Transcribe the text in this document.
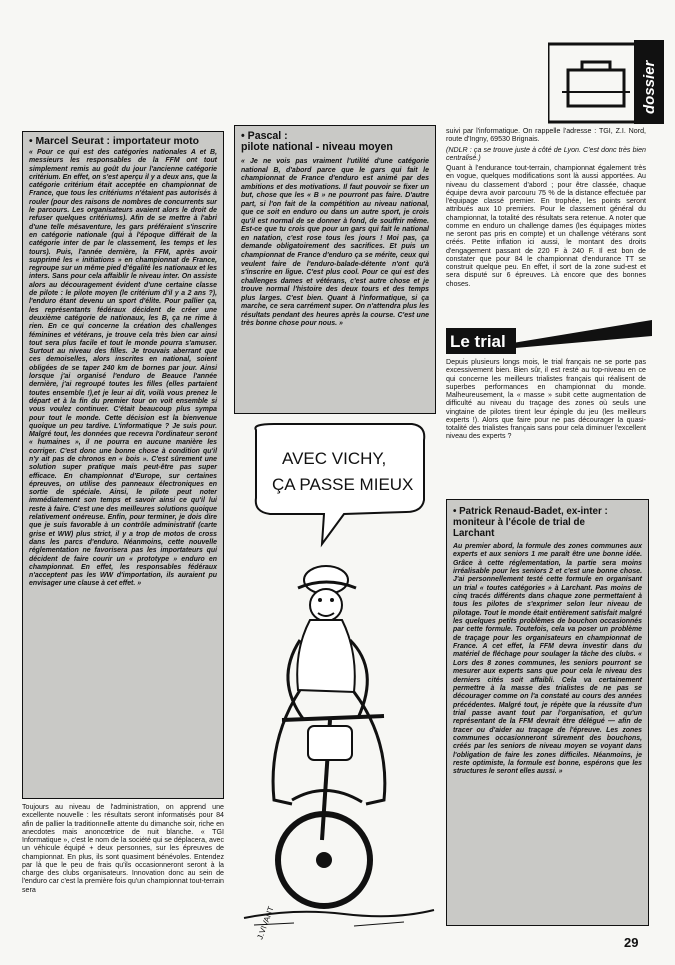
dossier
• Marcel Seurat : importateur moto
« Pour ce qui est des catégories nationales A et B, messieurs les responsables de la FFM ont tout simplement remis au goût du jour l'ancienne catégorie critérium. En effet, on s'est aperçu il y a deux ans, que la catégorie critérium était acceptée en championnat de France, que tous les critériums n'étaient pas autorisés à rouler (pour des raisons de nombres de concurrents sur le parcours. Les organisateurs avaient alors le droit de refuser quelques critériums). Afin de se mettre à l'abri d'une telle mésaventure, les gars préféraient s'inscrire en catégorie nationale (qui à l'époque différait de la catégorie inter de par le classement, les temps et les tours). Puis, l'année dernière, la FFM, après avoir supprimé les « initiations » en championnat de France, regroupe sur un même pied d'égalité les nationaux et les inters. Sans pour cela affaiblir le niveau inter. On assiste alors au découragement évident d'une certaine classe de pilote : le pilote moyen (le critérium d'il y a 2 ans ?), l'enduro étant devenu un sport d'élite. Pour pallier ça, les représentants fédéraux décident de créer une deuxième catégorie de nationaux, les B, ça ne rime à rien. En ce qui concerne la création des challenges féminines et vétérans, je trouve cela très bien car ainsi tout sera plus facile et tout le monde pourra s'amuser. Surtout au niveau des filles. Je trouvais aberrant que ces demoiselles, alors inscrites en national, soient obligées de se taper 240 km de bornes par jour. Ainsi lorsque j'ai organisé l'enduro de Beauce l'année dernière, j'ai regroupé toutes les filles (elles partaient toutes ensemble !),et je leur ai dit, voilà vous prenez le départ et à la fin du premier tour on voit ensemble si vous voulez continuer. C'était beaucoup plus sympa pour tout le monde. Cette décision est la bienvenue quoique un peu tardive. L'informatique ? Je suis pour. Malgré tout, les données que recevra l'ordinateur seront « humaines », il ne pourra en aucune manière les corriger. C'est donc une bonne chose à condition qu'il n'y ait pas de chronos en « bois ». C'est sûrement une solution super pratique mais peut-être pas super efficace. En championnat d'Europe, sur certaines épreuves, on utilise des panneaux électroniques en sortie de spéciale. Ainsi, le pilote peut noter immédiatement son temps et savoir ainsi ce qu'il lui reste à faire. C'est une des meilleures solutions quoique relativement onéreuse. Enfin, pour terminer, je dois dire que je suis favorable à un contrôle administratif (carte grise et WW) plus strict, il y a trop de motos de cross dans les parcs d'enduro. Néanmoins, cette nouvelle réglementation ne favorisera pas les importateurs qui décident de faire courir un « prototype » enduro en championnat. En effet, les responsables fédéraux n'acceptent pas les WW d'importation, ils auraient pu envisager une clause à cet effet. »
Toujours au niveau de l'administration, on apprend une excellente nouvelle : les résultats seront informatisés pour 84 afin de pallier la traditionnelle attente du dimanche soir, riche en anecdotes mais anoncœtrice de nuit blanche. « TGI Informatique », c'est le nom de la société qui se déplacera, avec un véhicule équipé + deux personnes, sur les épreuves de championnat. En plus, ils sont quasiment bénévoles. Entendez par là que le peu de frais qu'ils occasionneront seront à la charge des clubs organisateurs. Innovation donc au sein de l'enduro car c'est la première fois qu'un championnat tout-terrain sera
• Pascal :
pilote national - niveau moyen
« Je ne vois pas vraiment l'utilité d'une catégorie national B, d'abord parce que le gars qui fait le championnat de France d'enduro est animé par des ambitions et des motivations. Il faut pouvoir se fixer un but, chose que les « B » ne pourront pas faire. D'autre part, si l'on fait de la compétition au niveau national, que ce soit en enduro ou dans un autre sport, je crois qu'il est normal de se donner à fond, de souffrir même. Est-ce que tu crois que pour un gars qui fait le national en natation, c'est rose tous les jours ! Moi pas, ça demande obligatoirement des sacrifices. Et puis un championnat de France d'enduro ça se mérite, ceux qui veulent faire de l'enduro-balade-détente n'ont qu'à s'inscrire en ligue. C'est plus cool. Pour ce qui est des challenges dames et vétérans, c'est autre chose et je trouve normal l'histoire des deux tours et des temps plus larges. C'est bien. Quant à l'informatique, si ça marche, ce sera carrément super. On n'attendra plus les résultats pendant des heures après la course. C'est une très bonne chose pour nous. »
AVEC VICHY,
ÇA PASSE MIEUX
J.VIVANT

suivi par l'informatique. On rappelle l'adresse : TGI, Z.I. Nord, route d'Ingny, 69530 Brignais.

(NDLR : ça se trouve juste à côté de Lyon. C'est donc très bien centralisé.)

Quant à l'endurance tout-terrain, championnat également très en vogue, quelques modifications sont là aussi apportées. Au niveau du classement d'abord ; pour être classée, chaque équipe devra avoir parcouru 75 % de la distance effectuée par l'équipage classé premier. En trophée, les points seront attribués aux 10 premiers. Pour le classement général du championnat, la totalité des résultats sera retenue. A noter que comme en enduro un challenge dames (les équipages mixtes ne seront pas pris en compte) et un challenge vétérans sont créés. Petite inflation ici aussi, le montant des droits d'engagement passant de 220 F à 240 F. Il est bon de constater que pour 84 le championnat d'endurance TT se construit quelque peu. En effet, il sort de la zone sud-est et sera disputé sur 6 épreuves. Là encore que des bonnes choses.

Le trial
Depuis plusieurs longs mois, le trial français ne se porte pas excessivement bien. Bien sûr, il est resté au top-niveau en ce qui concerne les meilleurs trialistes français qui réalisent de superbes performances en championnat du monde. Malheureusement, la « masse » subit cette augmentation de difficulté au niveau du traçage des zones où seuls une vingtaine de pilotes tirent leur épingle du jeu (les meilleurs experts !). Alors que faire pour ne pas décourager la quasi-totalité des trialistes français sans pour cela diminuer l'excellent niveau des experts ?
• Patrick Renaud-Badet, ex-inter :
moniteur à l'école de trial de
Larchant
Au premier abord, la formule des zones communes aux experts et aux seniors 1 me paraît être une bonne idée. Grâce à cette réglementation, la partie sera moins irréalisable pour les seniors 2 et c'est une bonne chose. J'ai personnellement testé cette formule en organisant un trial « toutes catégories » à Larchant. Pas moins de cinq tracés différents dans chaque zone permettaient à tous les pilotes de s'exprimer selon leur niveau de pilotage. Tout le monde était entièrement satisfait malgré les quelques petits problèmes de bouchon occasionnés par cette formule. Toutefois, cela va poser un problème de traçage pour les organisateurs en championnat de France. A cet effet, la FFM devra investir dans du matériel de fléchage pour soulager la tâche des clubs. « Lors des 8 zones communes, les seniors pourront se mesurer aux experts sans que pour cela le niveau des derniers cités soit affaibli. Cela va certainement permettre à la masse des trialistes de ne pas se décourager comme on l'a constaté au cours des années précédentes. Malgré tout, je répète que la réussite d'un trial passe avant tout par l'organisation, et qu'un représentant de la FFM devrait être délégué — afin de tracer ou d'aider au traçage de l'épreuve. Les zones communes occasionneront sûrement des bouchons, créés par les seniors de niveau moyen se voyant dans l'obligation de faire les zones difficiles. Néanmoins, je reste optimiste, la formule est bonne, espérons que les structures le seront elles aussi. »
29
